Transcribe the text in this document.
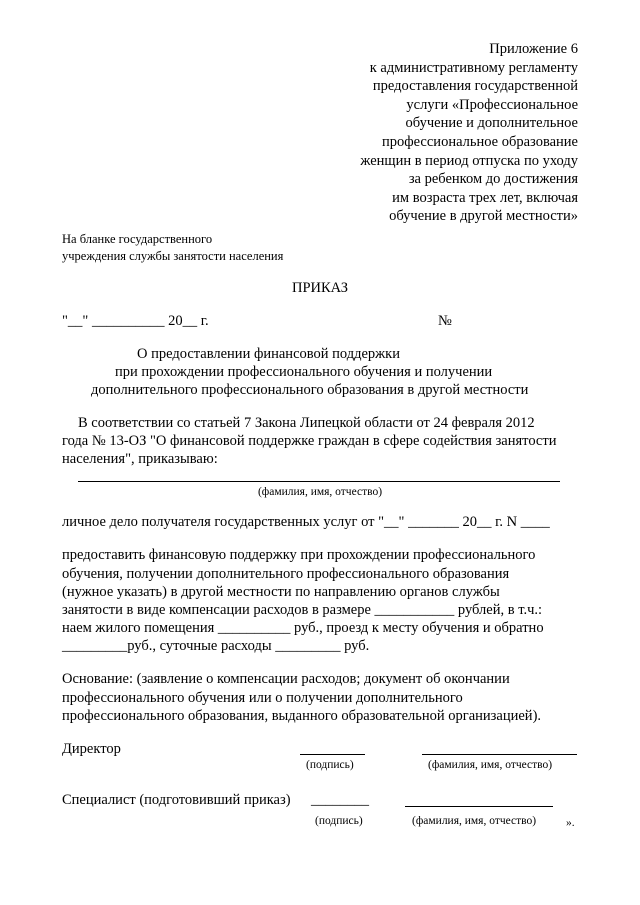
Приложение 6
к административному регламенту
предоставления государственной
услуги «Профессиональное
обучение и дополнительное
профессиональное образование
женщин в период отпуска по уходу
за ребенком до достижения
им возраста трех лет, включая
обучение в другой местности»
На бланке государственного
учреждения службы занятости населения
ПРИКАЗ
"__" __________ 20__ г.	№
О предоставлении финансовой поддержки
при прохождении профессионального обучения и получении
дополнительного профессионального образования в другой местности
В соответствии со статьей 7 Закона Липецкой области от 24 февраля 2012
года № 13-ОЗ "О финансовой поддержке граждан в сфере содействия занятости
населения", приказываю:
(фамилия, имя, отчество)
личное дело получателя государственных услуг от "__" _______ 20__ г. N ____
предоставить финансовую поддержку при прохождении профессионального
обучения, получении дополнительного профессионального образования
(нужное указать) в другой местности по направлению органов службы
занятости в виде компенсации расходов в размере ___________ рублей, в т.ч.:
наем жилого помещения __________ руб., проезд к месту обучения и обратно
_________руб., суточные расходы _________ руб.
Основание: (заявление о компенсации расходов; документ об окончании
профессионального обучения или о получении дополнительного
профессионального образования, выданного образовательной организацией).
Директор
(подпись)	(фамилия, имя, отчество)
Специалист (подготовивший приказ) ________
(подпись)	(фамилия, имя, отчество)	».
